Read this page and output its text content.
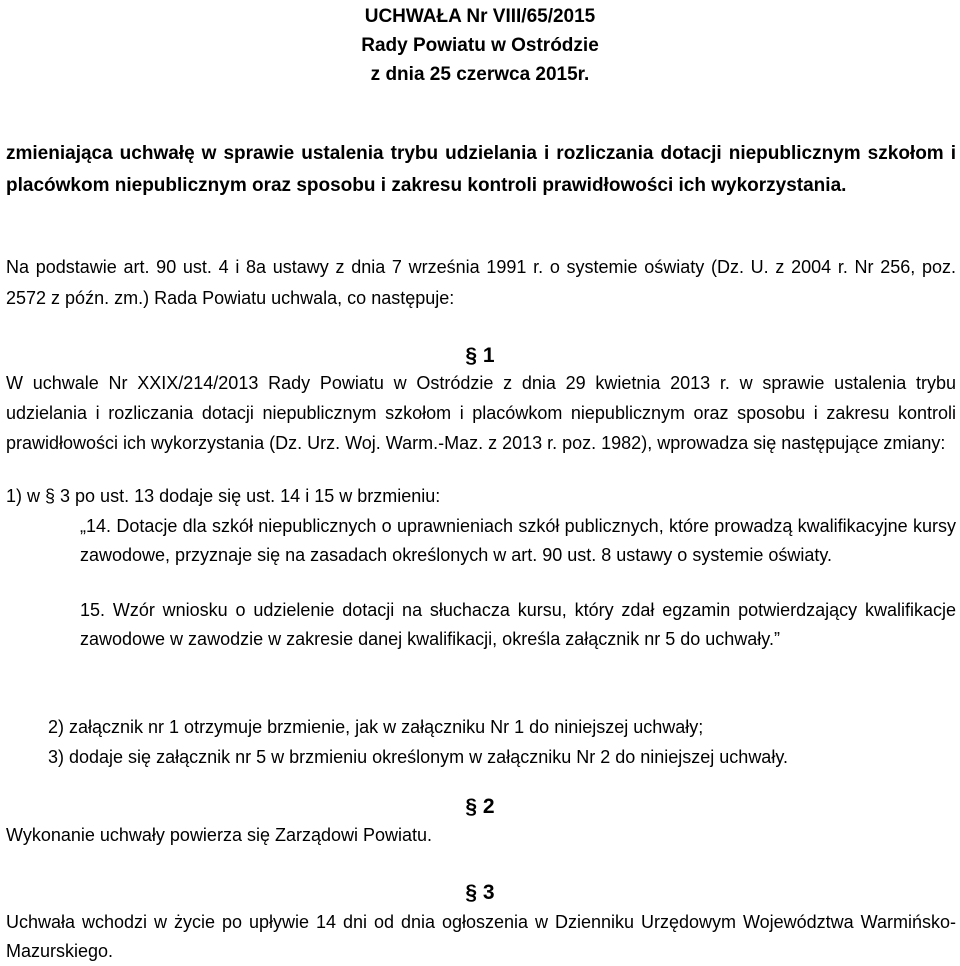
UCHWAŁA Nr VIII/65/2015
Rady Powiatu w Ostródzie
z dnia 25 czerwca 2015r.
zmieniająca uchwałę w sprawie ustalenia trybu udzielania i rozliczania dotacji niepublicznym szkołom i placówkom niepublicznym oraz sposobu i zakresu kontroli prawidłowości ich wykorzystania.
Na podstawie art. 90 ust. 4 i 8a ustawy z dnia 7 września 1991 r. o systemie oświaty (Dz. U. z 2004 r. Nr 256, poz. 2572 z późn. zm.) Rada Powiatu uchwala, co następuje:
§ 1
W uchwale Nr XXIX/214/2013 Rady Powiatu w Ostródzie z dnia 29 kwietnia 2013 r. w sprawie ustalenia trybu udzielania i rozliczania dotacji niepublicznym szkołom i placówkom niepublicznym oraz sposobu i zakresu kontroli prawidłowości ich wykorzystania (Dz. Urz. Woj. Warm.-Maz. z 2013 r. poz. 1982), wprowadza się następujące zmiany:
1) w § 3 po ust. 13 dodaje się ust. 14 i 15 w brzmieniu:
„14. Dotacje dla szkół niepublicznych o uprawnieniach szkół publicznych, które prowadzą kwalifikacyjne kursy zawodowe, przyznaje się na zasadach określonych w art. 90 ust. 8 ustawy o systemie oświaty.
15. Wzór wniosku o udzielenie dotacji na słuchacza kursu, który zdał egzamin potwierdzający kwalifikacje zawodowe w zawodzie w zakresie danej kwalifikacji, określa załącznik nr 5 do uchwały.”
2) załącznik nr 1 otrzymuje brzmienie, jak w załączniku Nr 1 do niniejszej uchwały;
3) dodaje się załącznik nr 5 w brzmieniu określonym w załączniku Nr 2 do niniejszej uchwały.
§ 2
Wykonanie uchwały powierza się Zarządowi Powiatu.
§ 3
Uchwała wchodzi w życie po upływie 14 dni od dnia ogłoszenia w Dzienniku Urzędowym Województwa Warmińsko-Mazurskiego.
